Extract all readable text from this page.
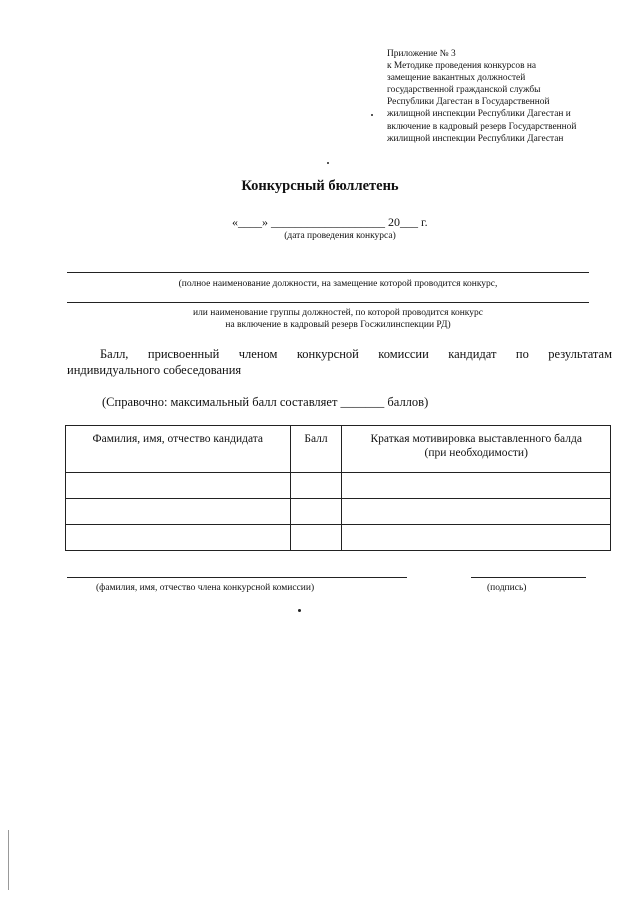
Приложение № 3
к Методике проведения конкурсов на
замещение вакантных должностей
государственной гражданской службы
Республики Дагестан в Государственной
жилищной инспекции Республики Дагестан и
включение в кадровый резерв Государственной
жилищной инспекции Республики Дагестан
Конкурсный бюллетень
«____» ___________________ 20___ г.
(дата проведения конкурса)
(полное наименование должности, на замещение которой проводится конкурс,
или наименование группы должностей, по которой проводится конкурс
на включение в кадровый резерв Госжилинспекции РД)
Балл, присвоенный членом конкурсной комиссии кандидат по результатам
индивидуального собеседования
(Справочно: максимальный балл составляет _______ баллов)
Фамилия, имя, отчество кандидата	Балл	Краткая мотивировка выставленного балда
(при необходимости)

(фамилия, имя, отчество члена конкурсной комиссии)	(подпись)
